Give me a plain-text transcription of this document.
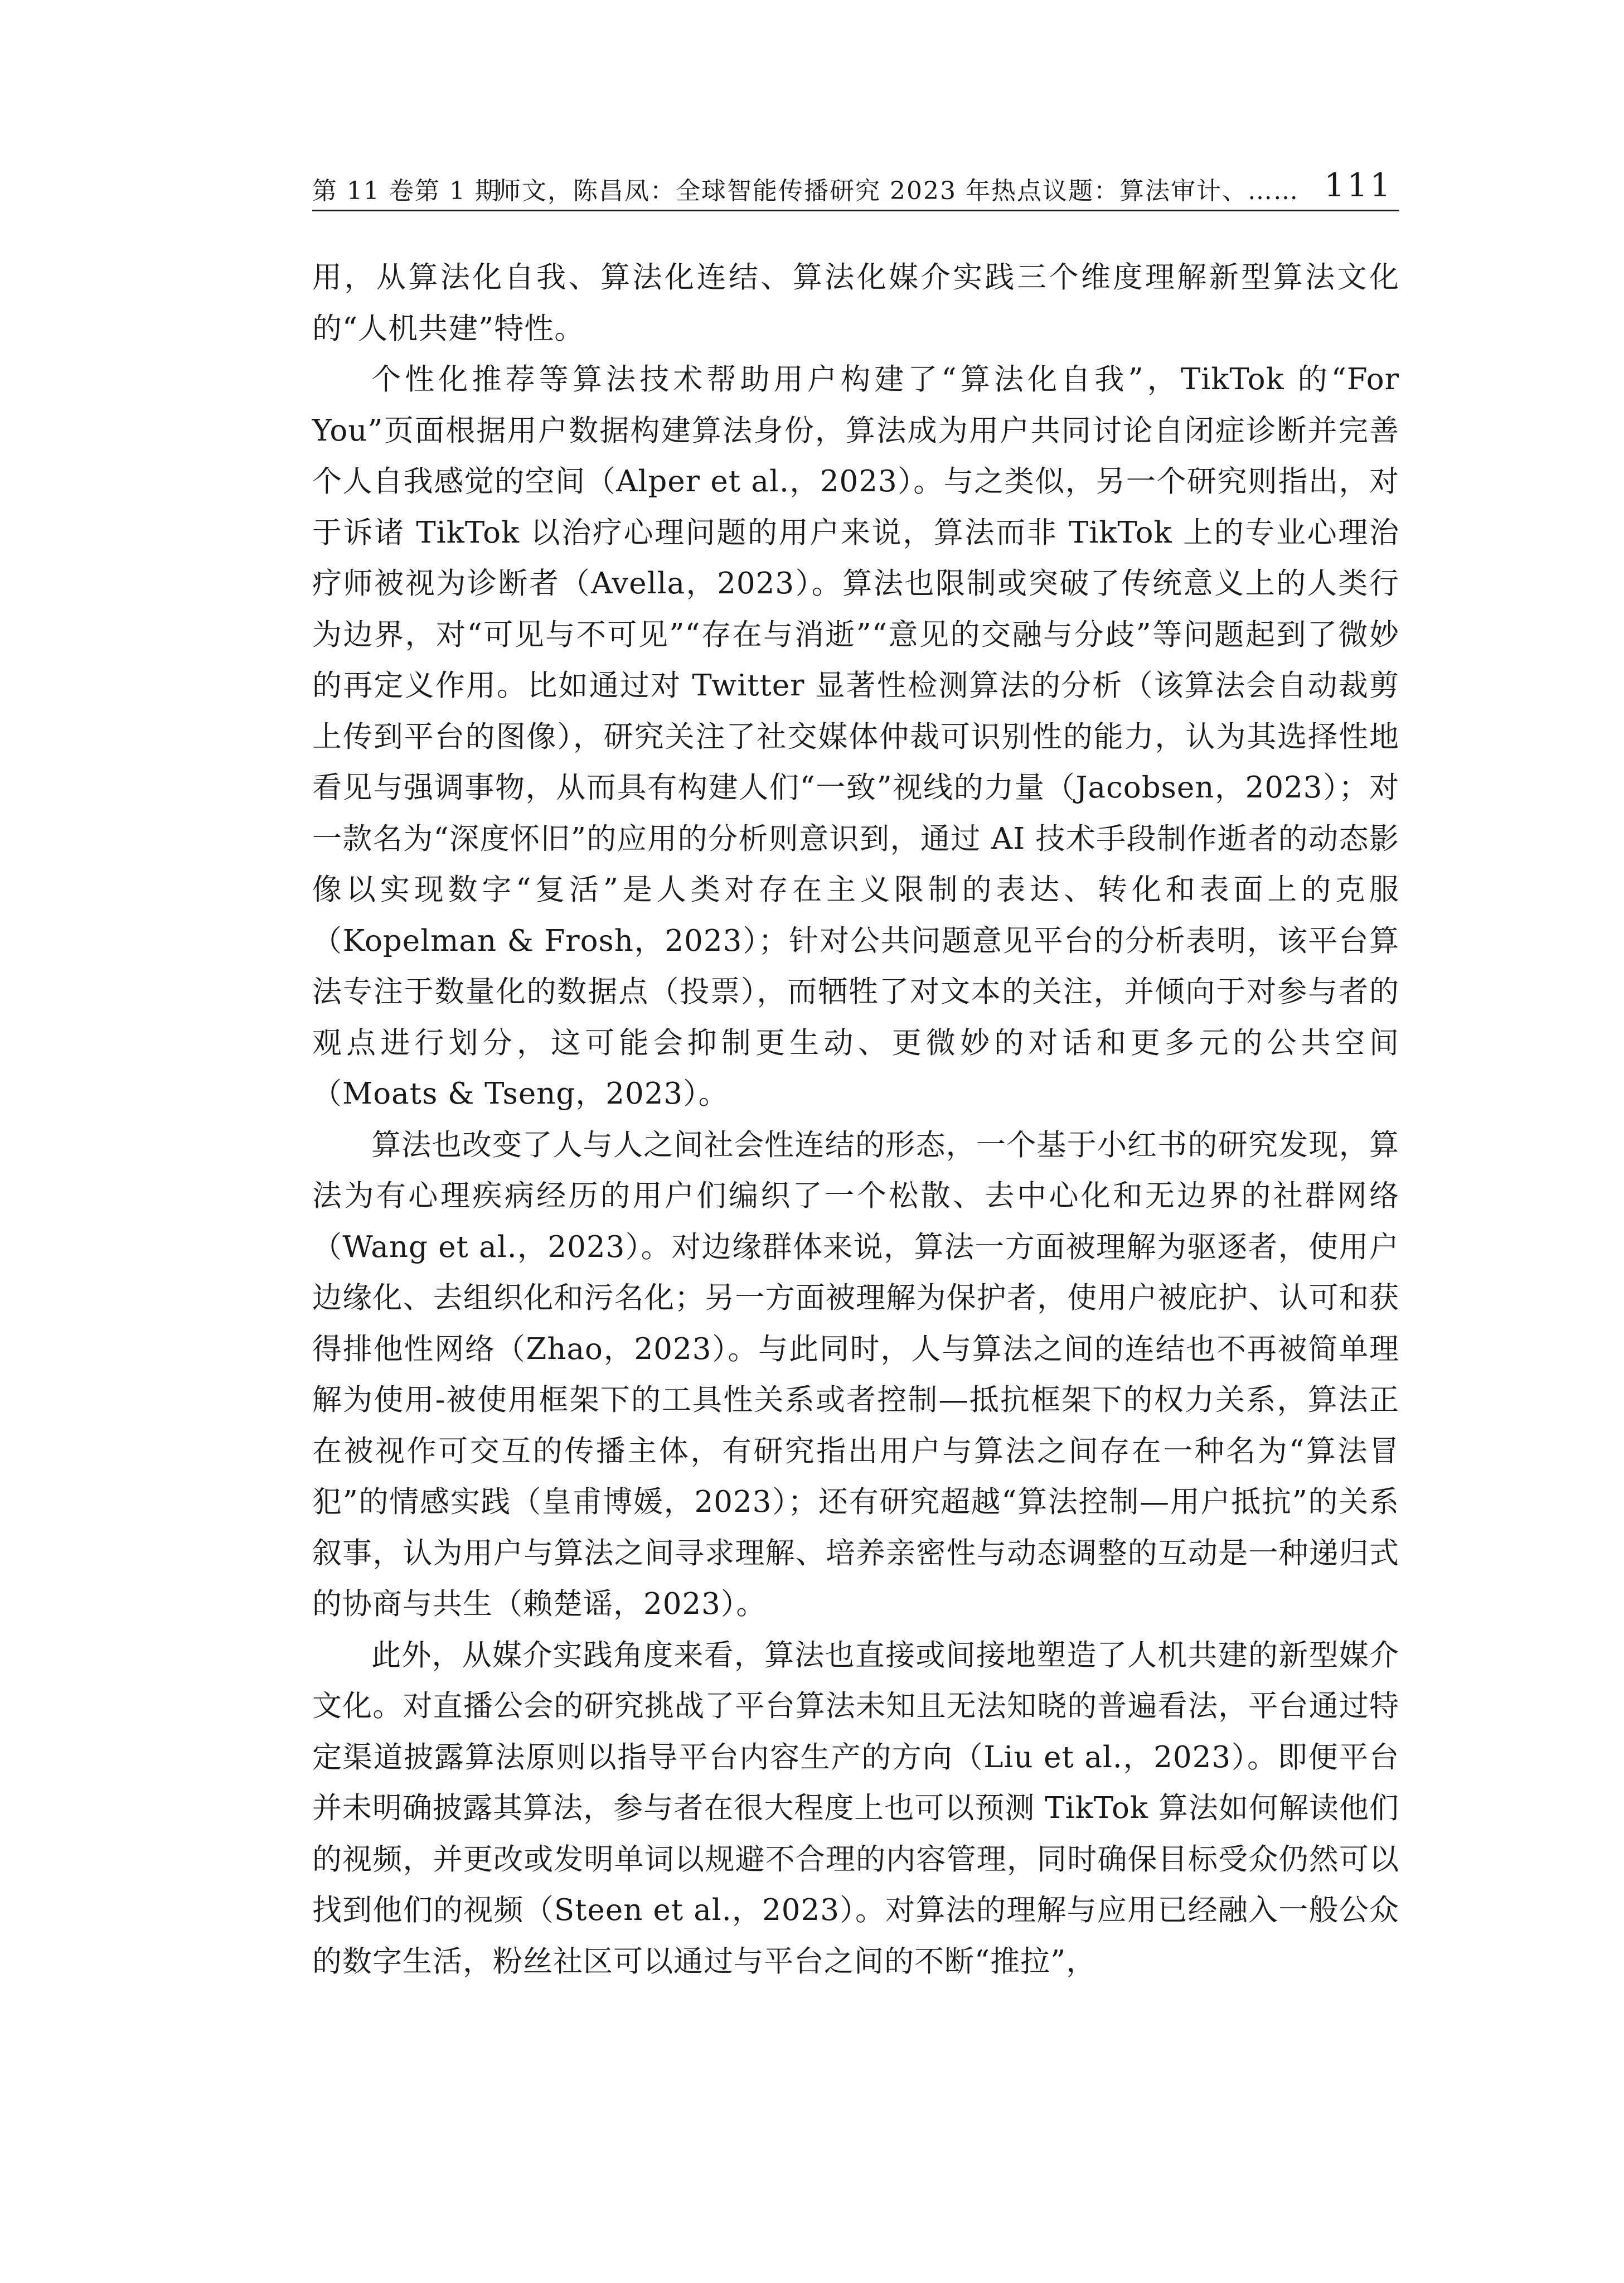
第 11 卷第 1 期
师文，陈昌凤：全球智能传播研究 2023 年热点议题：算法审计、…… 111

用，从算法化自我、算法化连结、算法化媒介实践三个维度理解新型算法文化的“人机共建”特性。

个性化推荐等算法技术帮助用户构建了“算法化自我”，TikTok 的“For You”页面根据用户数据构建算法身份，算法成为用户共同讨论自闭症诊断并完善个人自我感觉的空间（Alper et al.，2023）。与之类似，另一个研究则指出，对于诉诸 TikTok 以治疗心理问题的用户来说，算法而非 TikTok 上的专业心理治疗师被视为诊断者（Avella，2023）。算法也限制或突破了传统意义上的人类行为边界，对“可见与不可见”“存在与消逝”“意见的交融与分歧”等问题起到了微妙的再定义作用。比如通过对 Twitter 显著性检测算法的分析（该算法会自动裁剪上传到平台的图像），研究关注了社交媒体仲裁可识别性的能力，认为其选择性地看见与强调事物，从而具有构建人们“一致”视线的力量（Jacobsen，2023）；对一款名为“深度怀旧”的应用的分析则意识到，通过 AI 技术手段制作逝者的动态影像以实现数字“复活”是人类对存在主义限制的表达、转化和表面上的克服（Kopelman & Frosh，2023）；针对公共问题意见平台的分析表明，该平台算法专注于数量化的数据点（投票），而牺牲了对文本的关注，并倾向于对参与者的观点进行划分，这可能会抑制更生动、更微妙的对话和更多元的公共空间（Moats & Tseng，2023）。

算法也改变了人与人之间社会性连结的形态，一个基于小红书的研究发现，算法为有心理疾病经历的用户们编织了一个松散、去中心化和无边界的社群网络（Wang et al.，2023）。对边缘群体来说，算法一方面被理解为驱逐者，使用户边缘化、去组织化和污名化；另一方面被理解为保护者，使用户被庇护、认可和获得排他性网络（Zhao，2023）。与此同时，人与算法之间的连结也不再被简单理解为使用-被使用框架下的工具性关系或者控制—抵抗框架下的权力关系，算法正在被视作可交互的传播主体，有研究指出用户与算法之间存在一种名为“算法冒犯”的情感实践（皇甫博媛，2023）；还有研究超越“算法控制—用户抵抗”的关系叙事，认为用户与算法之间寻求理解、培养亲密性与动态调整的互动是一种递归式的协商与共生（赖楚谣，2023）。

此外，从媒介实践角度来看，算法也直接或间接地塑造了人机共建的新型媒介文化。对直播公会的研究挑战了平台算法未知且无法知晓的普遍看法，平台通过特定渠道披露算法原则以指导平台内容生产的方向（Liu et al.，2023）。即便平台并未明确披露其算法，参与者在很大程度上也可以预测 TikTok 算法如何解读他们的视频，并更改或发明单词以规避不合理的内容管理，同时确保目标受众仍然可以找到他们的视频（Steen et al.，2023）。对算法的理解与应用已经融入一般公众的数字生活，粉丝社区可以通过与平台之间的不断“推拉”，
